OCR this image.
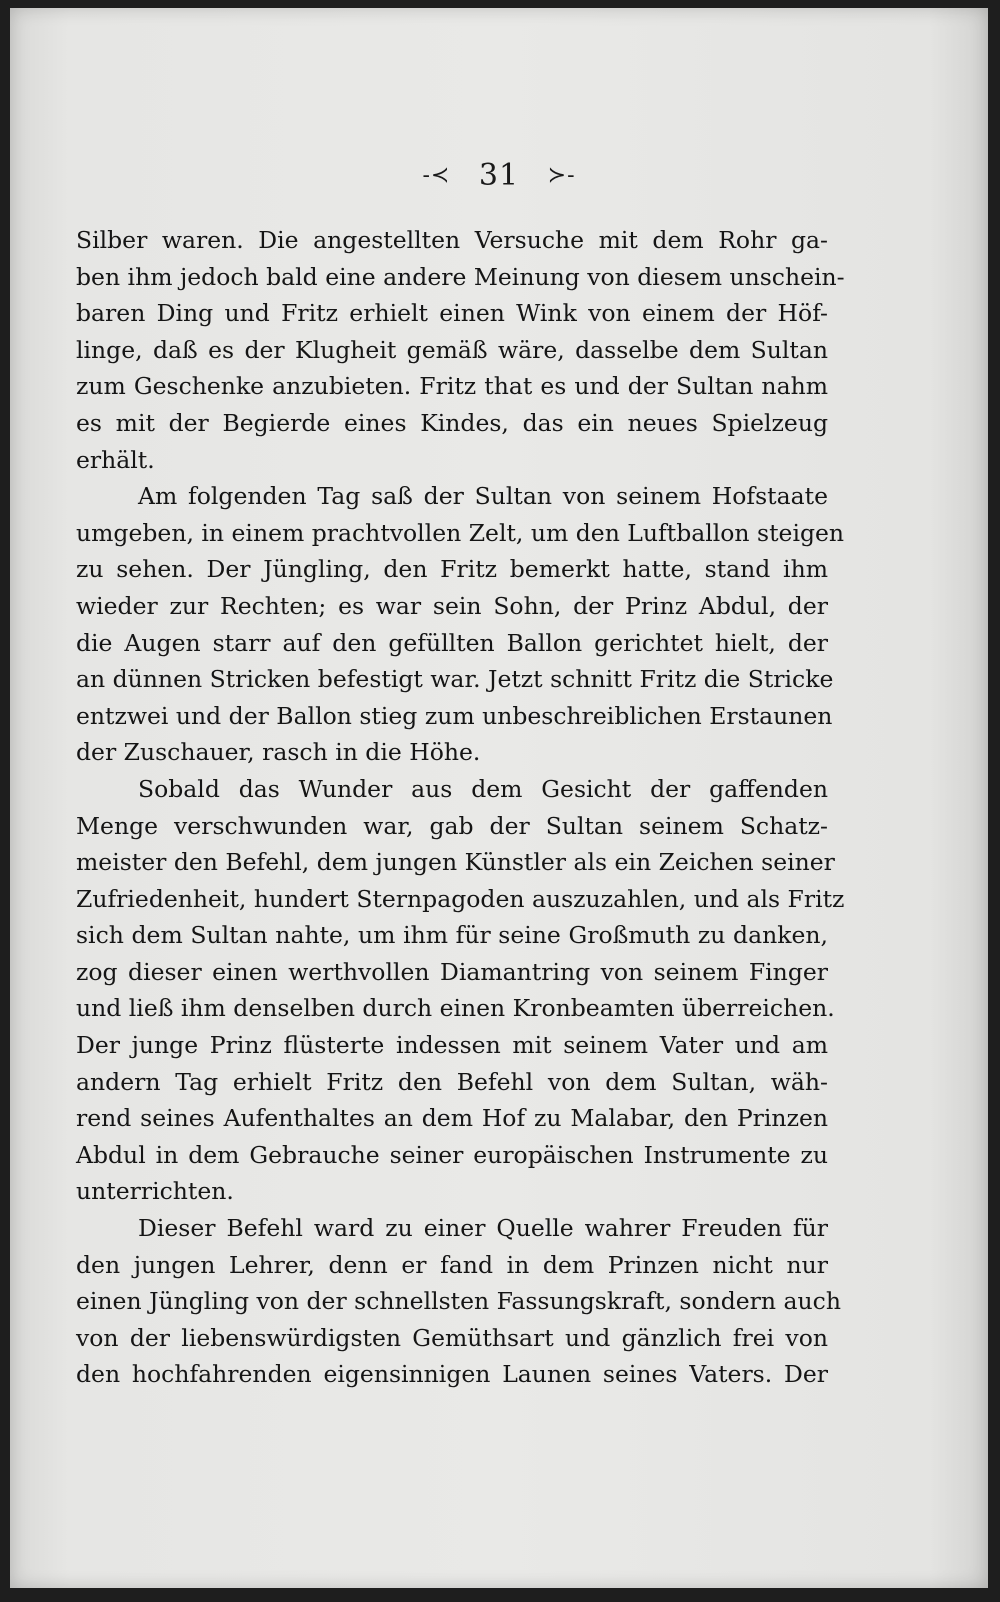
-≺ 31 ≻-
Silber waren. Die angestellten Versuche mit dem Rohr ga-
ben ihm jedoch bald eine andere Meinung von diesem unschein-
baren Ding und Fritz erhielt einen Wink von einem der Höf-
linge, daß es der Klugheit gemäß wäre, dasselbe dem Sultan
zum Geschenke anzubieten. Fritz that es und der Sultan nahm
es mit der Begierde eines Kindes, das ein neues Spielzeug
erhält.
Am folgenden Tag saß der Sultan von seinem Hofstaate
umgeben, in einem prachtvollen Zelt, um den Luftballon steigen
zu sehen. Der Jüngling, den Fritz bemerkt hatte, stand ihm
wieder zur Rechten; es war sein Sohn, der Prinz Abdul, der
die Augen starr auf den gefüllten Ballon gerichtet hielt, der
an dünnen Stricken befestigt war. Jetzt schnitt Fritz die Stricke
entzwei und der Ballon stieg zum unbeschreiblichen Erstaunen
der Zuschauer, rasch in die Höhe.
Sobald das Wunder aus dem Gesicht der gaffenden
Menge verschwunden war, gab der Sultan seinem Schatz-
meister den Befehl, dem jungen Künstler als ein Zeichen seiner
Zufriedenheit, hundert Sternpagoden auszuzahlen, und als Fritz
sich dem Sultan nahte, um ihm für seine Großmuth zu danken,
zog dieser einen werthvollen Diamantring von seinem Finger
und ließ ihm denselben durch einen Kronbeamten überreichen.
Der junge Prinz flüsterte indessen mit seinem Vater und am
andern Tag erhielt Fritz den Befehl von dem Sultan, wäh-
rend seines Aufenthaltes an dem Hof zu Malabar, den Prinzen
Abdul in dem Gebrauche seiner europäischen Instrumente zu
unterrichten.
Dieser Befehl ward zu einer Quelle wahrer Freuden für
den jungen Lehrer, denn er fand in dem Prinzen nicht nur
einen Jüngling von der schnellsten Fassungskraft, sondern auch
von der liebenswürdigsten Gemüthsart und gänzlich frei von
den hochfahrenden eigensinnigen Launen seines Vaters. Der
